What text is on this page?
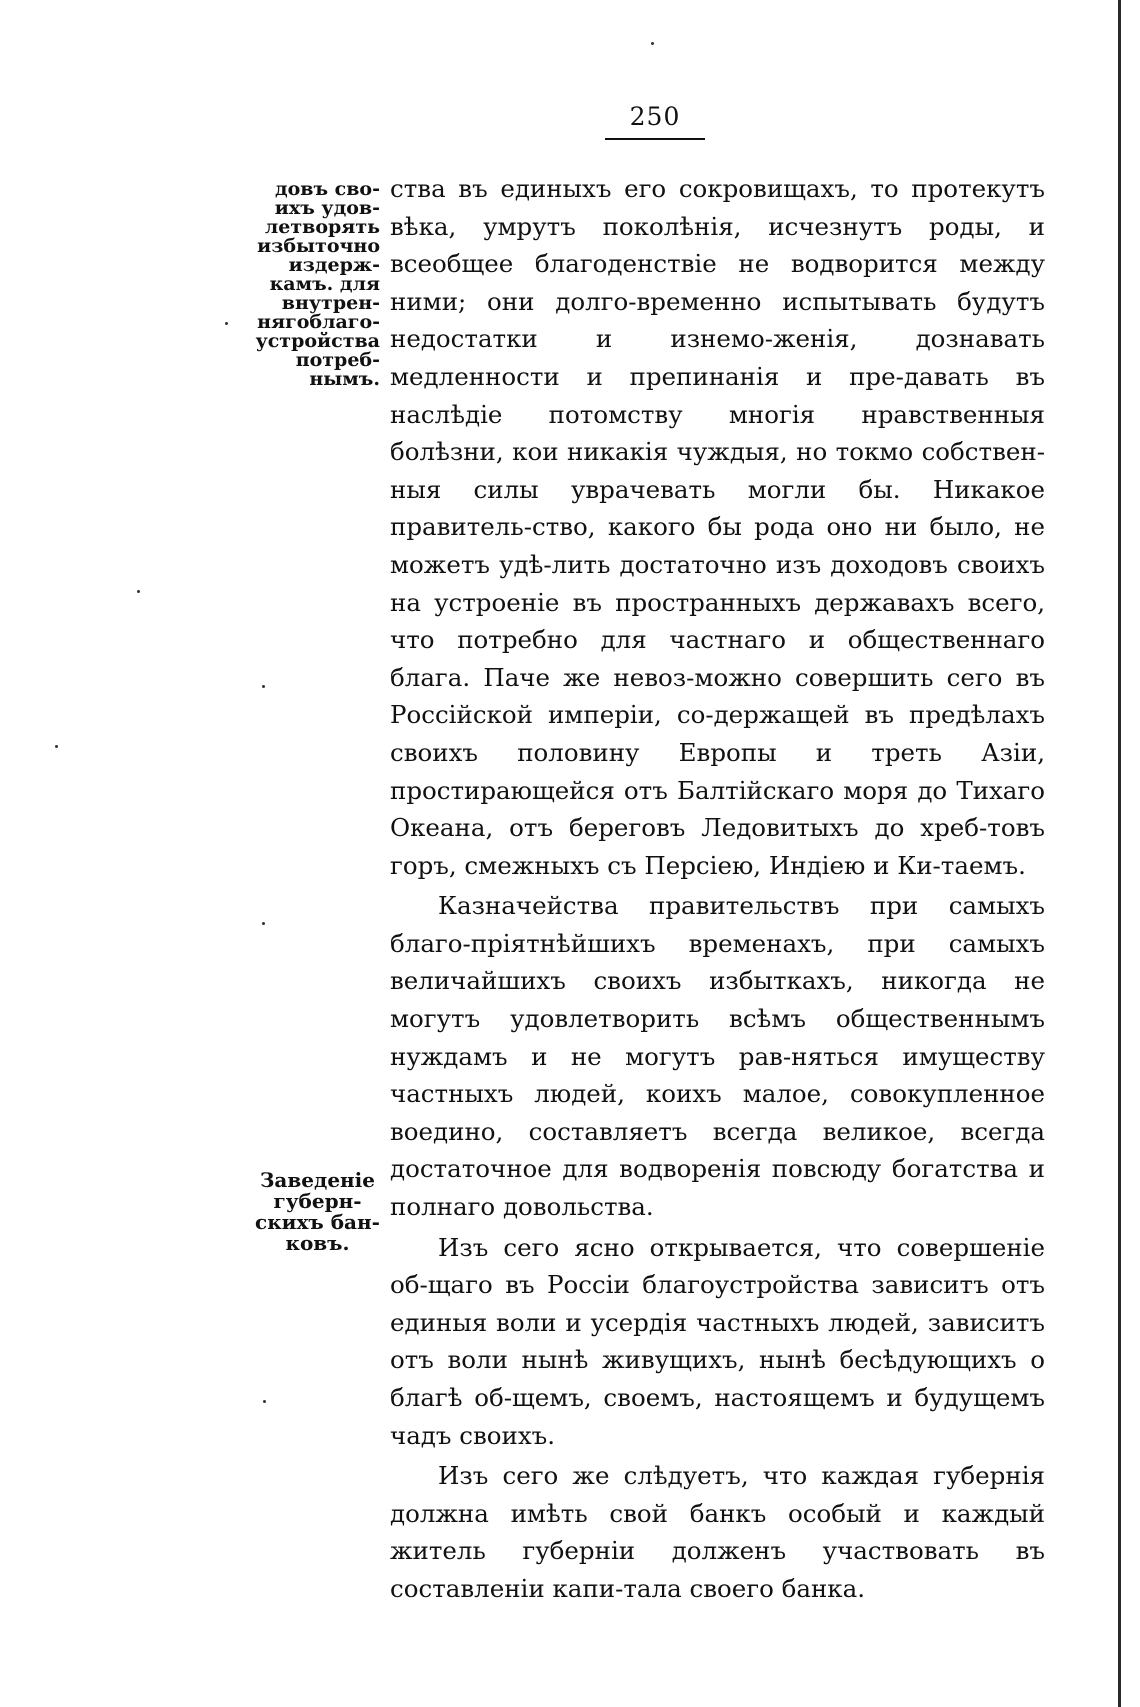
250
довъ сво-
ихъ удов-
летворять
избыточно
издерж-
камъ. для
внутрен-
нягоблаго-
устройства
потреб-
нымъ.
Заведенiе
губерн-
скихъ бан-
ковъ.

ства въ единыхъ его сокровищахъ, то протекутъ вѣка, умрутъ поколѣнiя, исчезнутъ роды, и всеобщее благоденствiе не водворится между ними; они долго-временно испытывать будутъ недостатки и изнемо-женiя, дознавать медленности и препинанiя и пре-давать въ наслѣдiе потомству многiя нравственныя болѣзни, кои никакiя чуждыя, но токмо собствен-ныя силы уврачевать могли бы. Никакое правитель-ство, какого бы рода оно ни было, не можетъ удѣ-лить достаточно изъ доходовъ своихъ на устроенiе въ пространныхъ державахъ всего, что потребно для частнаго и общественнаго блага. Паче же невоз-можно совершить сего въ Россiйской имперiи, со-держащей въ предѣлахъ своихъ половину Европы и треть Азiи, простирающейся отъ Балтiйскаго моря до Тихаго Океана, отъ береговъ Ледовитыхъ до хреб-товъ горъ, смежныхъ съ Персiею, Индiею и Ки-таемъ.

Казначейства правительствъ при самыхъ благо-прiятнѣйшихъ временахъ, при самыхъ величайшихъ своихъ избыткахъ, никогда не могутъ удовлетворить всѣмъ общественнымъ нуждамъ и не могутъ рав-няться имуществу частныхъ людей, коихъ малое, совокупленное воедино, составляетъ всегда великое, всегда достаточное для водворенiя повсюду богатства и полнаго довольства.

Изъ сего ясно открывается, что совершенiе об-щаго въ Россiи благоустройства зависитъ отъ единыя воли и усердiя частныхъ людей, зависитъ отъ воли нынѣ живущихъ, нынѣ бесѣдующихъ о благѣ об-щемъ, своемъ, настоящемъ и будущемъ чадъ своихъ.

Изъ сего же слѣдуетъ, что каждая губернiя должна имѣть свой банкъ особый и каждый житель губернiи долженъ участвовать въ составленiи капи-тала своего банка.
